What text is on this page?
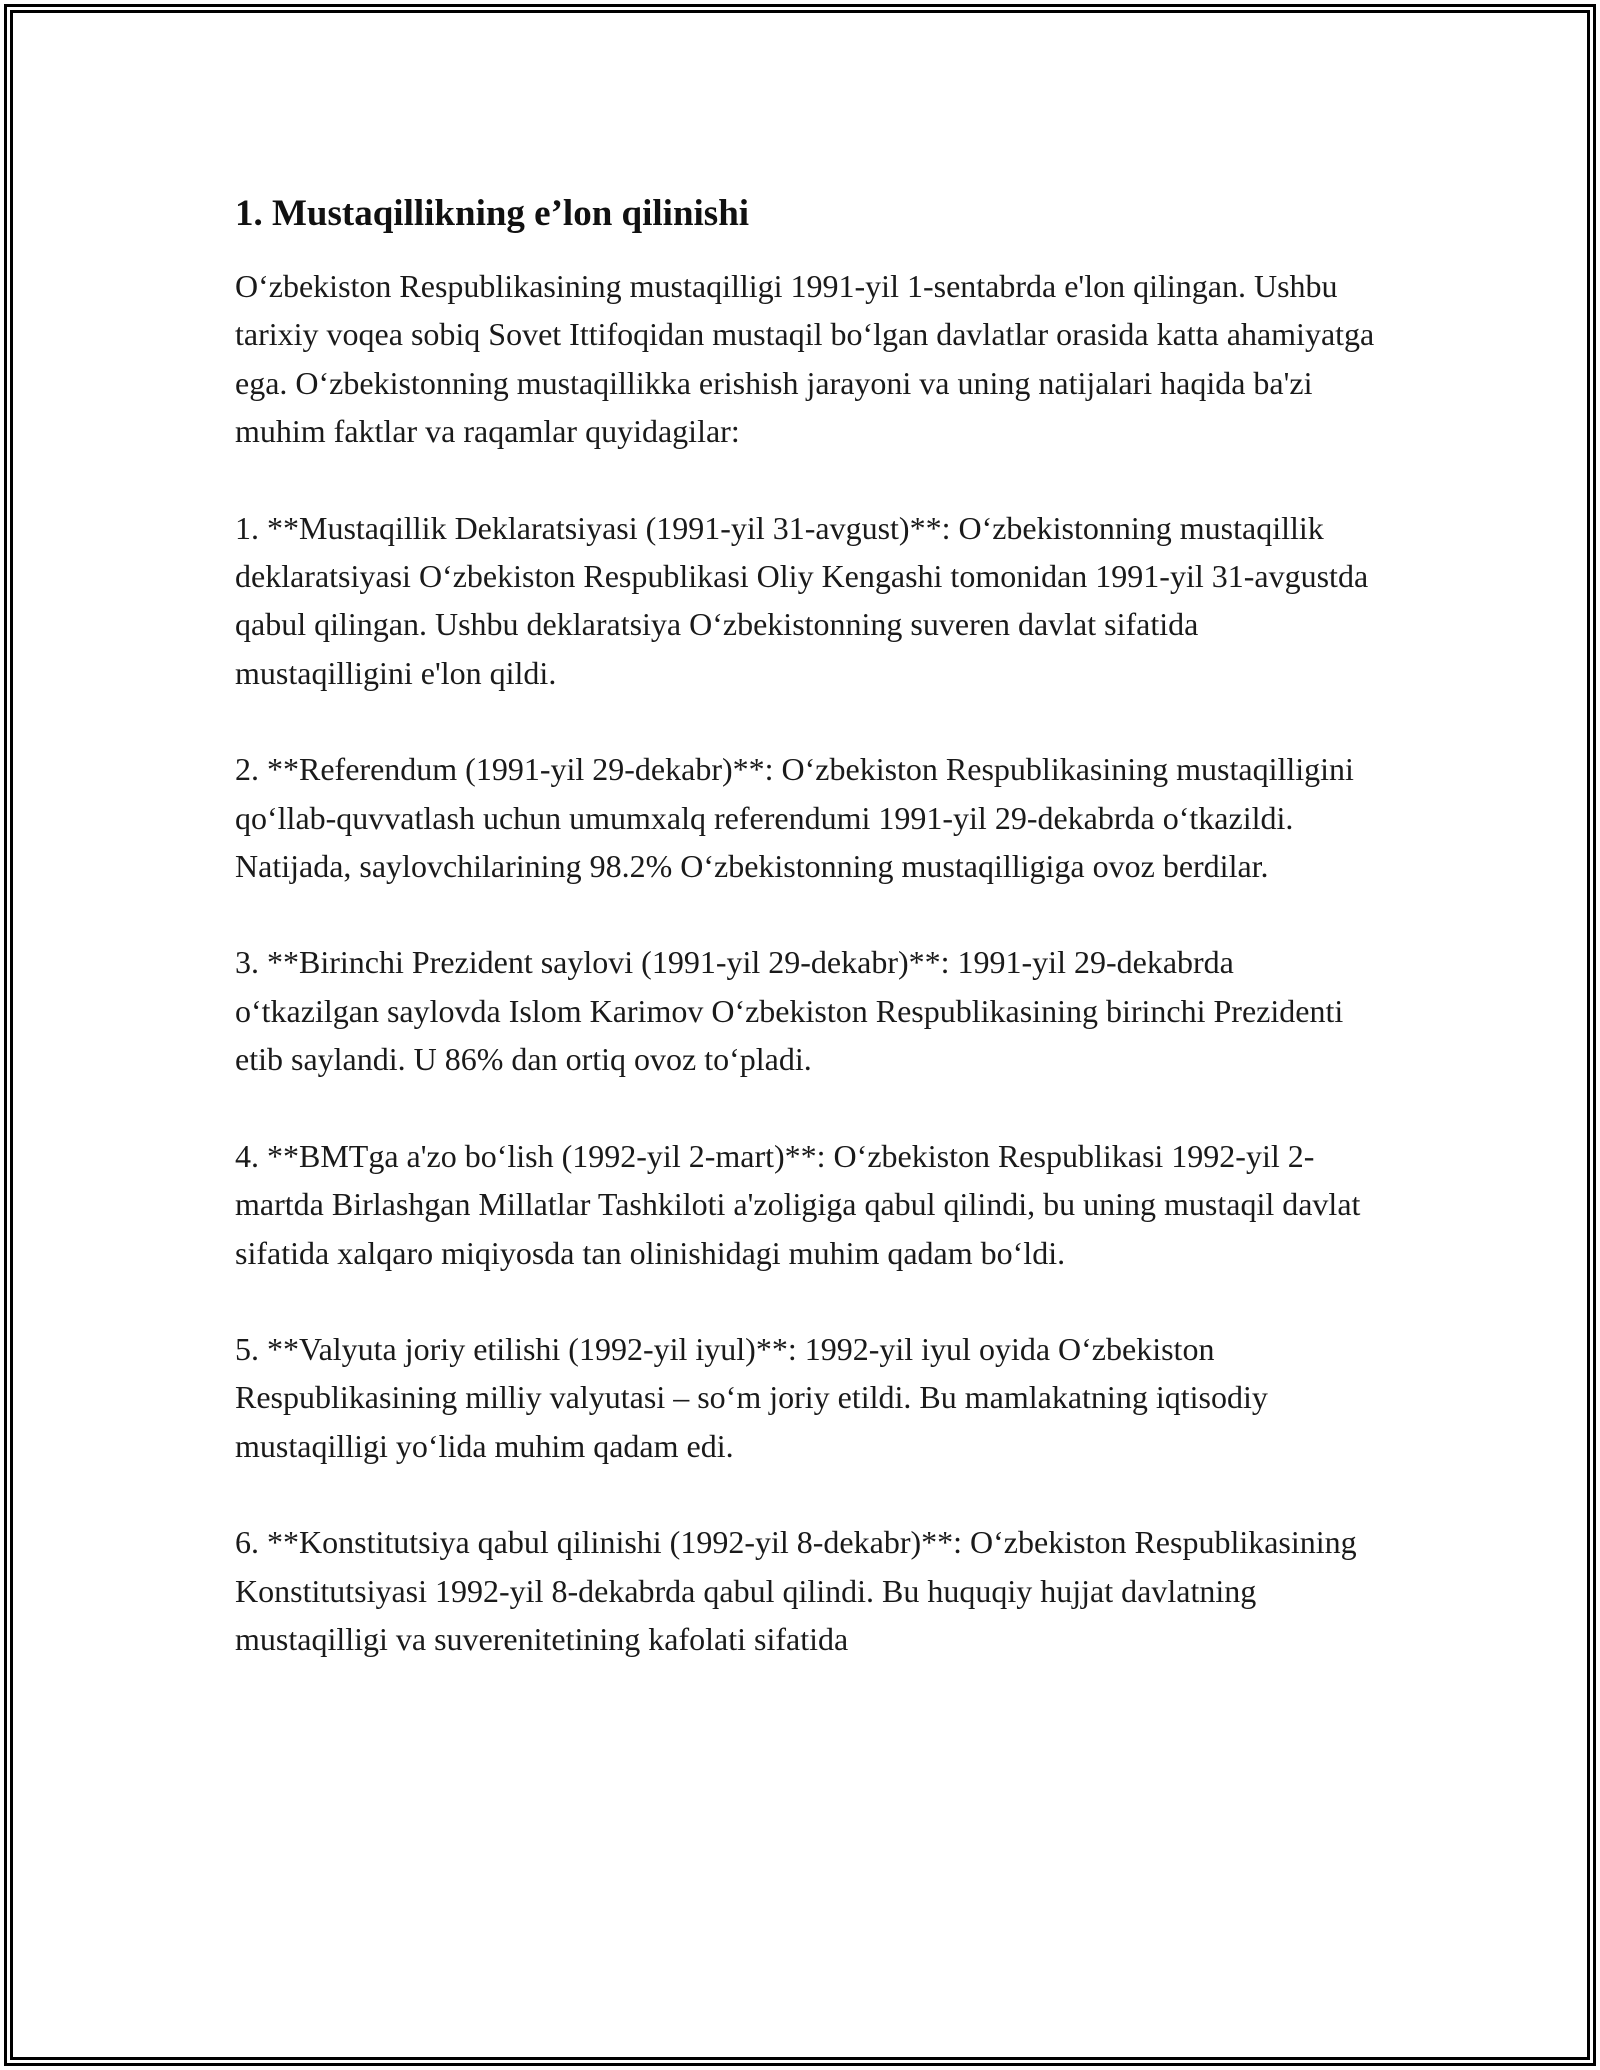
1. Mustaqillikning e’lon qilinishi

O‘zbekiston Respublikasining mustaqilligi 1991-yil 1-sentabrda e'lon qilingan. Ushbu tarixiy voqea sobiq Sovet Ittifoqidan mustaqil bo‘lgan davlatlar orasida katta ahamiyatga ega. O‘zbekistonning mustaqillikka erishish jarayoni va uning natijalari haqida ba'zi muhim faktlar va raqamlar quyidagilar:

1. **Mustaqillik Deklaratsiyasi (1991-yil 31-avgust)**: O‘zbekistonning mustaqillik deklaratsiyasi O‘zbekiston Respublikasi Oliy Kengashi tomonidan 1991-yil 31-avgustda qabul qilingan. Ushbu deklaratsiya O‘zbekistonning suveren davlat sifatida mustaqilligini e'lon qildi.

2. **Referendum (1991-yil 29-dekabr)**: O‘zbekiston Respublikasining mustaqilligini qo‘llab-quvvatlash uchun umumxalq referendumi 1991-yil 29-dekabrda o‘tkazildi. Natijada, saylovchilarining 98.2% O‘zbekistonning mustaqilligiga ovoz berdilar.

3. **Birinchi Prezident saylovi (1991-yil 29-dekabr)**: 1991-yil 29-dekabrda o‘tkazilgan saylovda Islom Karimov O‘zbekiston Respublikasining birinchi Prezidenti etib saylandi. U 86% dan ortiq ovoz to‘pladi.

4. **BMTga a'zo bo‘lish (1992-yil 2-mart)**: O‘zbekiston Respublikasi 1992-yil 2-martda Birlashgan Millatlar Tashkiloti a'zoligiga qabul qilindi, bu uning mustaqil davlat sifatida xalqaro miqiyosda tan olinishidagi muhim qadam bo‘ldi.

5. **Valyuta joriy etilishi (1992-yil iyul)**: 1992-yil iyul oyida O‘zbekiston Respublikasining milliy valyutasi – so‘m joriy etildi. Bu mamlakatning iqtisodiy mustaqilligi yo‘lida muhim qadam edi.

6. **Konstitutsiya qabul qilinishi (1992-yil 8-dekabr)**: O‘zbekiston Respublikasining Konstitutsiyasi 1992-yil 8-dekabrda qabul qilindi. Bu huquqiy hujjat davlatning mustaqilligi va suverenitetining kafolati sifatida
